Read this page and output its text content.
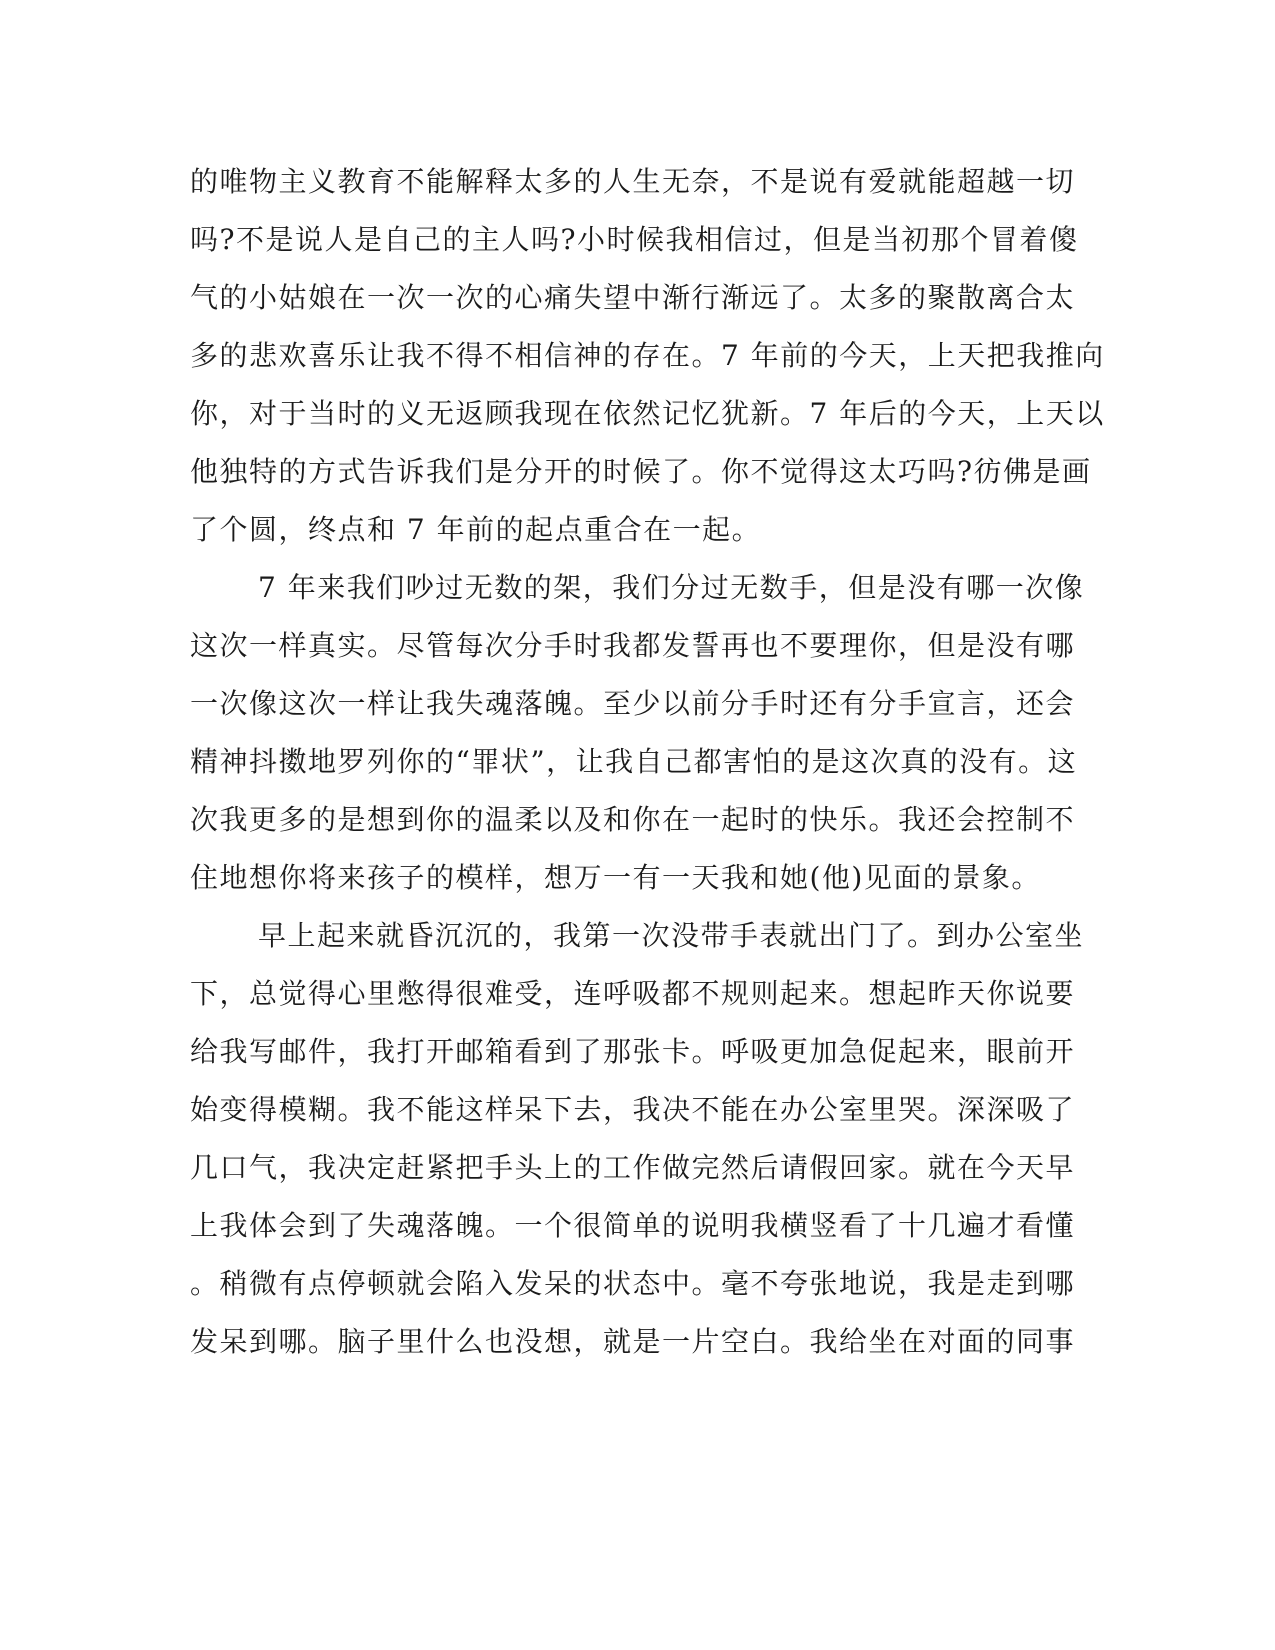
的唯物主义教育不能解释太多的人生无奈，不是说有爱就能超越一切
吗?不是说人是自己的主人吗?小时候我相信过，但是当初那个冒着傻
气的小姑娘在一次一次的心痛失望中渐行渐远了。太多的聚散离合太
多的悲欢喜乐让我不得不相信神的存在。7 年前的今天，上天把我推向
你，对于当时的义无返顾我现在依然记忆犹新。7 年后的今天，上天以
他独特的方式告诉我们是分开的时候了。你不觉得这太巧吗?彷佛是画
了个圆，终点和 7 年前的起点重合在一起。
7 年来我们吵过无数的架，我们分过无数手，但是没有哪一次像
这次一样真实。尽管每次分手时我都发誓再也不要理你，但是没有哪
一次像这次一样让我失魂落魄。至少以前分手时还有分手宣言，还会
精神抖擞地罗列你的“罪状”，让我自己都害怕的是这次真的没有。这
次我更多的是想到你的温柔以及和你在一起时的快乐。我还会控制不
住地想你将来孩子的模样，想万一有一天我和她(他)见面的景象。
早上起来就昏沉沉的，我第一次没带手表就出门了。到办公室坐
下，总觉得心里憋得很难受，连呼吸都不规则起来。想起昨天你说要
给我写邮件，我打开邮箱看到了那张卡。呼吸更加急促起来，眼前开
始变得模糊。我不能这样呆下去，我决不能在办公室里哭。深深吸了
几口气，我决定赶紧把手头上的工作做完然后请假回家。就在今天早
上我体会到了失魂落魄。一个很简单的说明我横竖看了十几遍才看懂
。稍微有点停顿就会陷入发呆的状态中。毫不夸张地说，我是走到哪
发呆到哪。脑子里什么也没想，就是一片空白。我给坐在对面的同事
